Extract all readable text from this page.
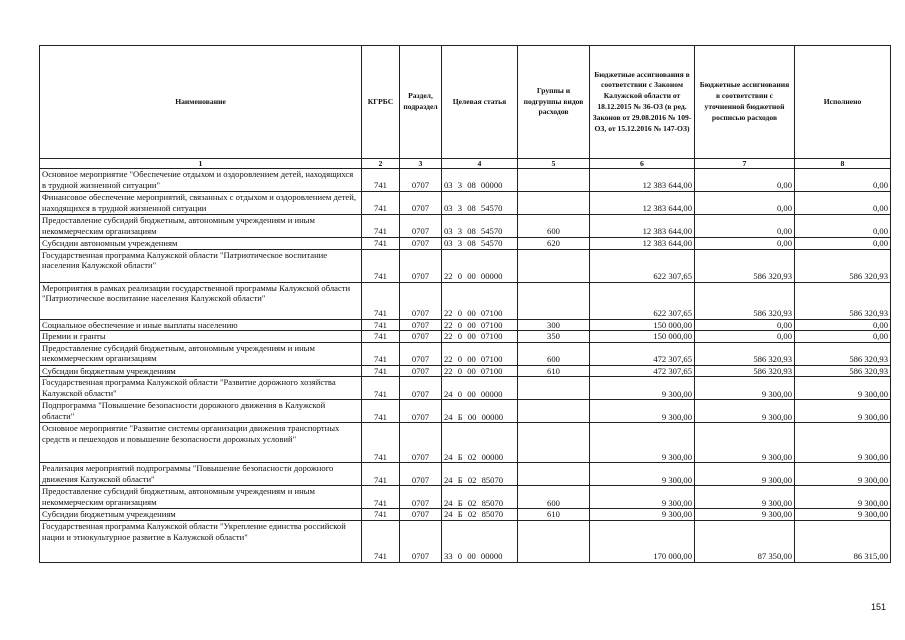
Наименование	КГРБС	Раздел, подраздел	Целевая статья	Группы и подгруппы видов расходов	Бюджетные ассигнования в соответствии с Законом Калужской области от 18.12.2015 № 36-ОЗ (в ред. Законов от 29.08.2016 № 109-ОЗ, от 15.12.2016 № 147-ОЗ)	Бюджетные ассигнования в соответствии с уточненной бюджетной росписью расходов	Исполнено
1	2	3	4	5	6	7	8
Основное мероприятие "Обеспечение отдыхом и оздоровлением детей, находящихся в трудной жизненной ситуации"	741	0707	03 3 08 00000		12 383 644,00	0,00	0,00
Финансовое обеспечение мероприятий, связанных с отдыхом и оздоровлением детей, находящихся в трудной жизненной ситуации	741	0707	03 3 08 54570		12 383 644,00	0,00	0,00
Предоставление субсидий бюджетным, автономным учреждениям и иным некоммерческим организациям	741	0707	03 3 08 54570	600	12 383 644,00	0,00	0,00
Субсидии автономным учреждениям	741	0707	03 3 08 54570	620	12 383 644,00	0,00	0,00
Государственная программа Калужской области "Патриотическое воспитание населения Калужской области"	741	0707	22 0 00 00000		622 307,65	586 320,93	586 320,93
Мероприятия в рамках реализации государственной программы Калужской области "Патриотическое воспитание населения Калужской области"	741	0707	22 0 00 07100		622 307,65	586 320,93	586 320,93
Социальное обеспечение и иные выплаты населению	741	0707	22 0 00 07100	300	150 000,00	0,00	0,00
Премии и гранты	741	0707	22 0 00 07100	350	150 000,00	0,00	0,00
Предоставление субсидий бюджетным, автономным учреждениям и иным некоммерческим организациям	741	0707	22 0 00 07100	600	472 307,65	586 320,93	586 320,93
Субсидии бюджетным учреждениям	741	0707	22 0 00 07100	610	472 307,65	586 320,93	586 320,93
Государственная программа Калужской области "Развитие дорожного хозяйства Калужской области"	741	0707	24 0 00 00000		9 300,00	9 300,00	9 300,00
Подпрограмма "Повышение безопасности дорожного движения в Калужской области"	741	0707	24 Б 00 00000		9 300,00	9 300,00	9 300,00
Основное мероприятие "Развитие системы организации движения транспортных средств и пешеходов и повышение безопасности дорожных условий"	741	0707	24 Б 02 00000		9 300,00	9 300,00	9 300,00
Реализация мероприятий подпрограммы "Повышение безопасности дорожного движения Калужской области"	741	0707	24 Б 02 85070		9 300,00	9 300,00	9 300,00
Предоставление субсидий бюджетным, автономным учреждениям и иным некоммерческим организациям	741	0707	24 Б 02 85070	600	9 300,00	9 300,00	9 300,00
Субсидии бюджетным учреждениям	741	0707	24 Б 02 85070	610	9 300,00	9 300,00	9 300,00
Государственная программа Калужской области "Укрепление единства российской нации и этнокультурное развитие в Калужской области"	741	0707	33 0 00 00000		170 000,00	87 350,00	86 315,00
151
